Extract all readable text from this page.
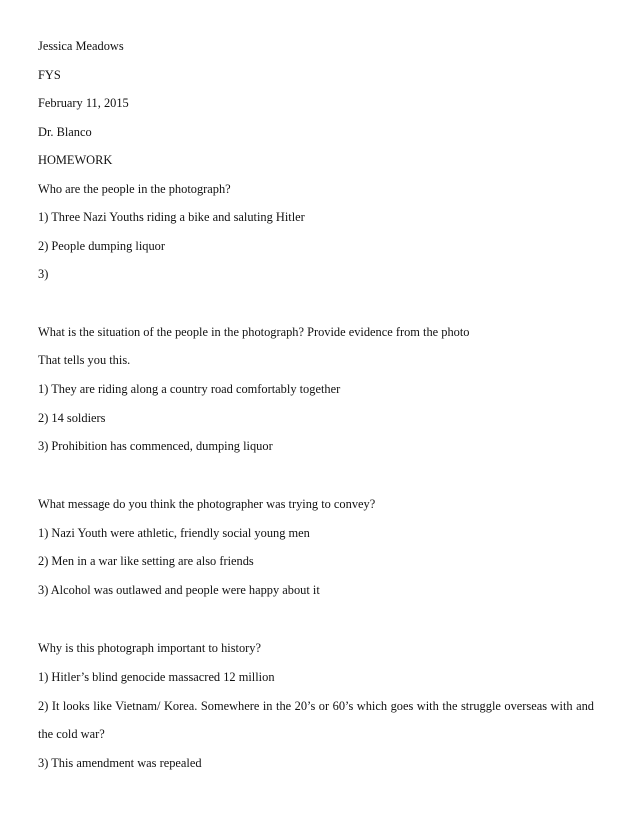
Jessica Meadows
FYS
February 11, 2015
Dr. Blanco
HOMEWORK
Who are the people in the photograph?
1) Three Nazi Youths riding a bike and saluting Hitler
2) People dumping liquor
3)
What is the situation of the people in the photograph? Provide evidence from the photo
That tells you this.
1) They are riding along a country road comfortably together
2) 14 soldiers
3) Prohibition has commenced, dumping liquor
What message do you think the photographer was trying to convey?
1) Nazi Youth were athletic, friendly social young men
2) Men in a war like setting are also friends
3) Alcohol was outlawed and people were happy about it
Why is this photograph important to history?
1) Hitler’s blind genocide massacred 12 million
2) It looks like Vietnam/ Korea. Somewhere in the 20’s or 60’s which goes with the struggle overseas with and
the cold war?
3) This amendment was repealed
